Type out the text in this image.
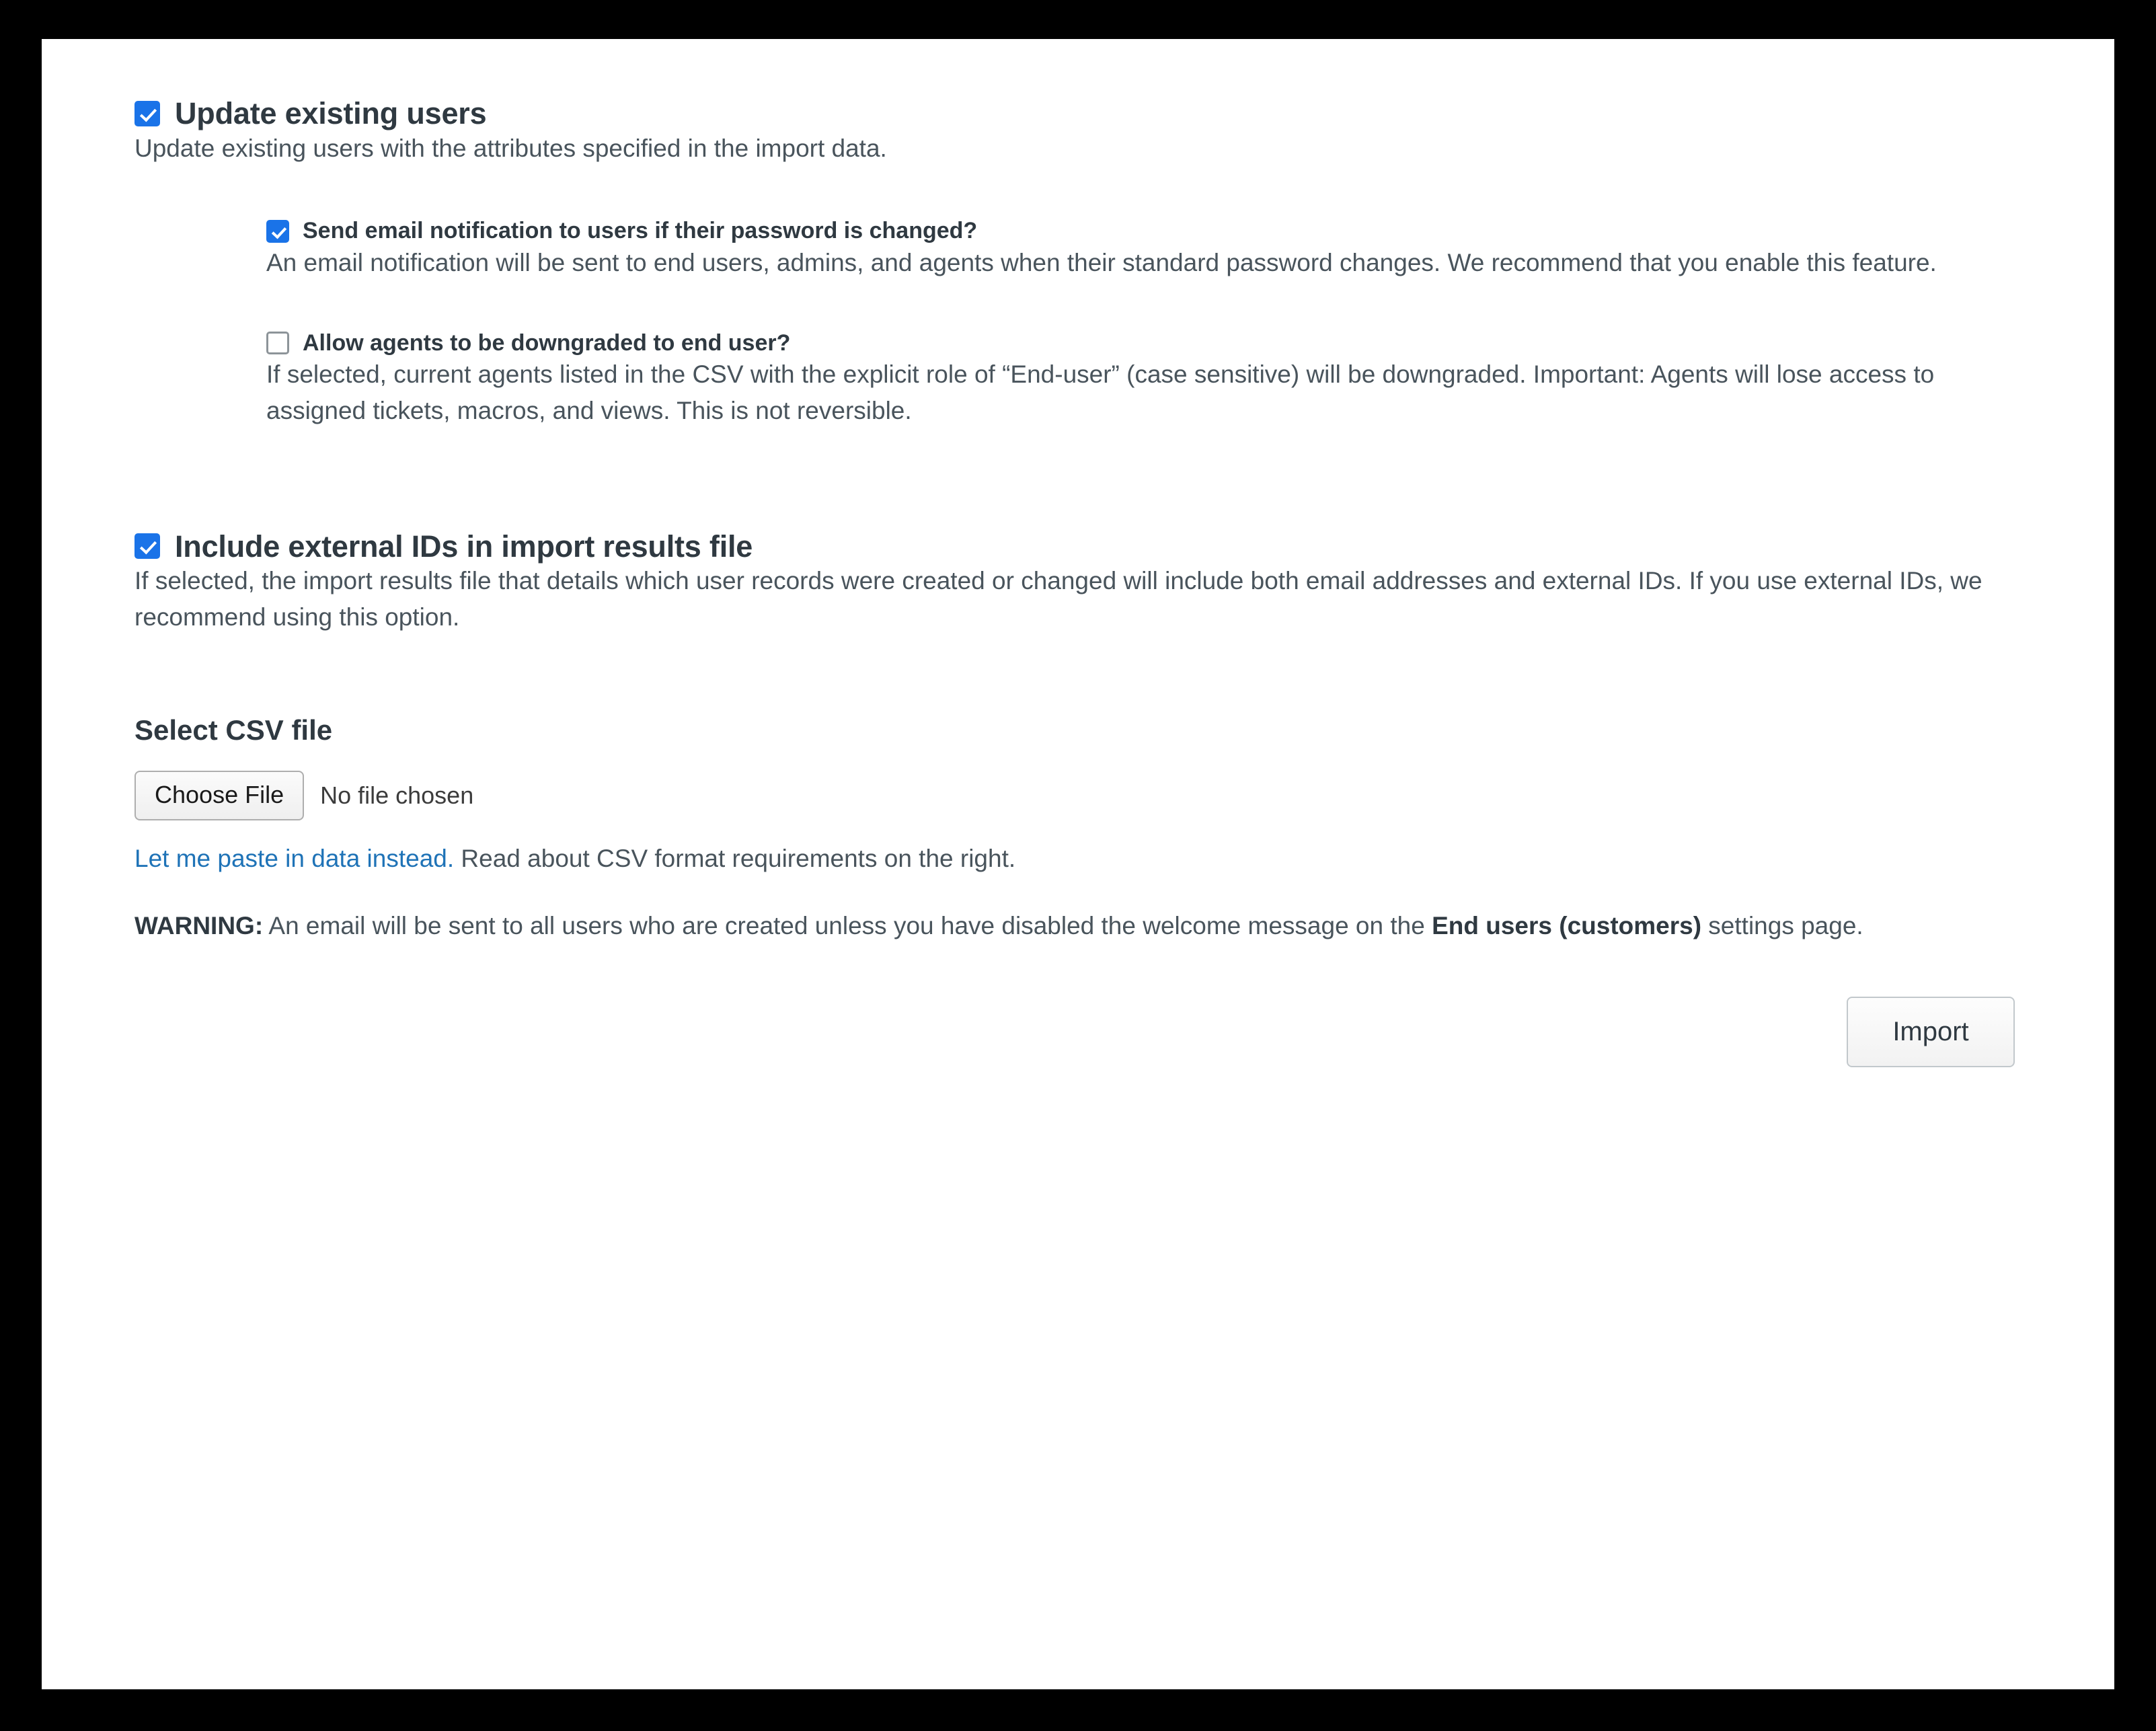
Update existing users

Update existing users with the attributes specified in the import data.

Send email notification to users if their password is changed?

An email notification will be sent to end users, admins, and agents when their standard password changes. We recommend that you enable this feature.

Allow agents to be downgraded to end user?

If selected, current agents listed in the CSV with the explicit role of “End-user” (case sensitive) will be downgraded. Important: Agents will lose access to assigned tickets, macros, and views. This is not reversible.

Include external IDs in import results file

If selected, the import results file that details which user records were created or changed will include both email addresses and external IDs. If you use external IDs, we recommend using this option.

Select CSV file
Choose File	No file chosen
Let me paste in data instead. Read about CSV format requirements on the right.
WARNING: An email will be sent to all users who are created unless you have disabled the welcome message on the End users (customers) settings page.
Import
